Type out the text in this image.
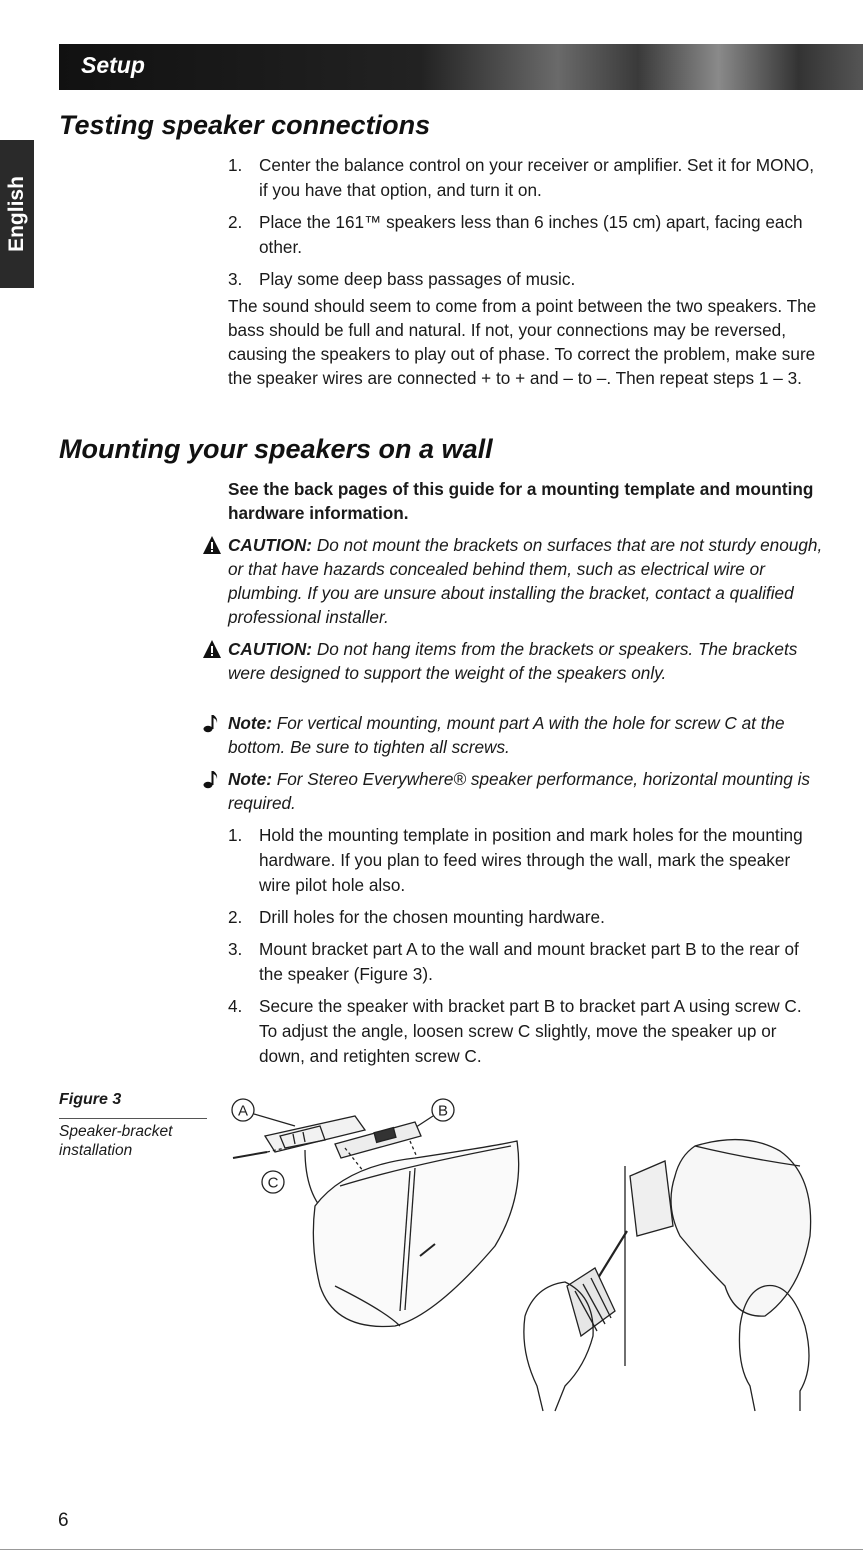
Setup
English
Testing speaker connections
1. Center the balance control on your receiver or amplifier. Set it for MONO, if you have that option, and turn it on.
2. Place the 161™ speakers less than 6 inches (15 cm) apart, facing each other.
3. Play some deep bass passages of music.

The sound should seem to come from a point between the two speakers. The bass should be full and natural. If not, your connections may be reversed, causing the speakers to play out of phase. To correct the problem, make sure the speaker wires are connected + to + and – to –. Then repeat steps 1 – 3.

Mounting your speakers on a wall

See the back pages of this guide for a mounting template and mounting hardware information.

CAUTION: Do not mount the brackets on surfaces that are not sturdy enough, or that have hazards concealed behind them, such as electrical wire or plumbing. If you are unsure about installing the bracket, contact a qualified professional installer.

CAUTION: Do not hang items from the brackets or speakers. The brackets were designed to support the weight of the speakers only.

Note: For vertical mounting, mount part A with the hole for screw C at the bottom. Be sure to tighten all screws.

Note: For Stereo Everywhere® speaker performance, horizontal mounting is required.

1. Hold the mounting template in position and mark holes for the mounting hardware. If you plan to feed wires through the wall, mark the speaker wire pilot hole also.
2. Drill holes for the chosen mounting hardware.
3. Mount bracket part A to the wall and mount bracket part B to the rear of the speaker (Figure 3).
4. Secure the speaker with bracket part B to bracket part A using screw C. To adjust the angle, loosen screw C slightly, move the speaker up or down, and retighten screw C.
Figure 3
Speaker-bracket installation
A	B
C
6
